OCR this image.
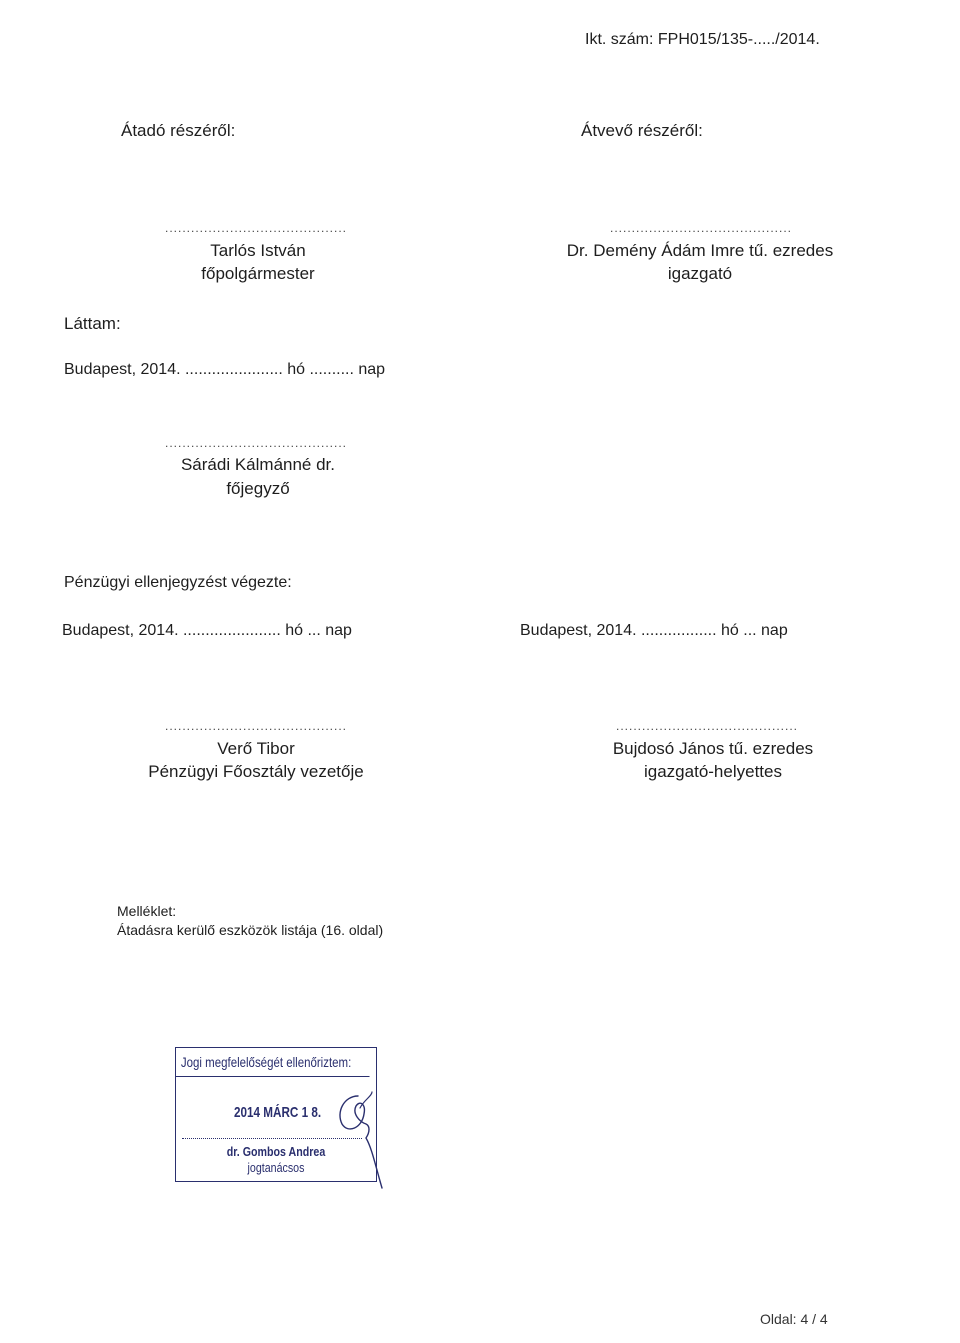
Ikt. szám: FPH015/135-...../2014.
Átadó részéről:	Átvevő részéről:
..........................................
Tarlós István
főpolgármester
..........................................
Dr. Demény Ádám Imre tű. ezredes
igazgató
Láttam:
Budapest, 2014. ...................... hó .......... nap
..........................................
Sárádi Kálmánné dr.
főjegyző
Pénzügyi ellenjegyzést végezte:
Budapest, 2014. ...................... hó ... nap	Budapest, 2014. ................. hó ... nap
..........................................
Verő Tibor
Pénzügyi Főosztály vezetője
..........................................
Bujdosó János tű. ezredes
igazgató-helyettes
Melléklet:
Átadásra kerülő eszközök listája (16. oldal)
Jogi megfelelőségét ellenőriztem:
2014 MÁRC 1 8.
dr. Gombos Andrea
jogtanácsos
Oldal: 4 / 4
